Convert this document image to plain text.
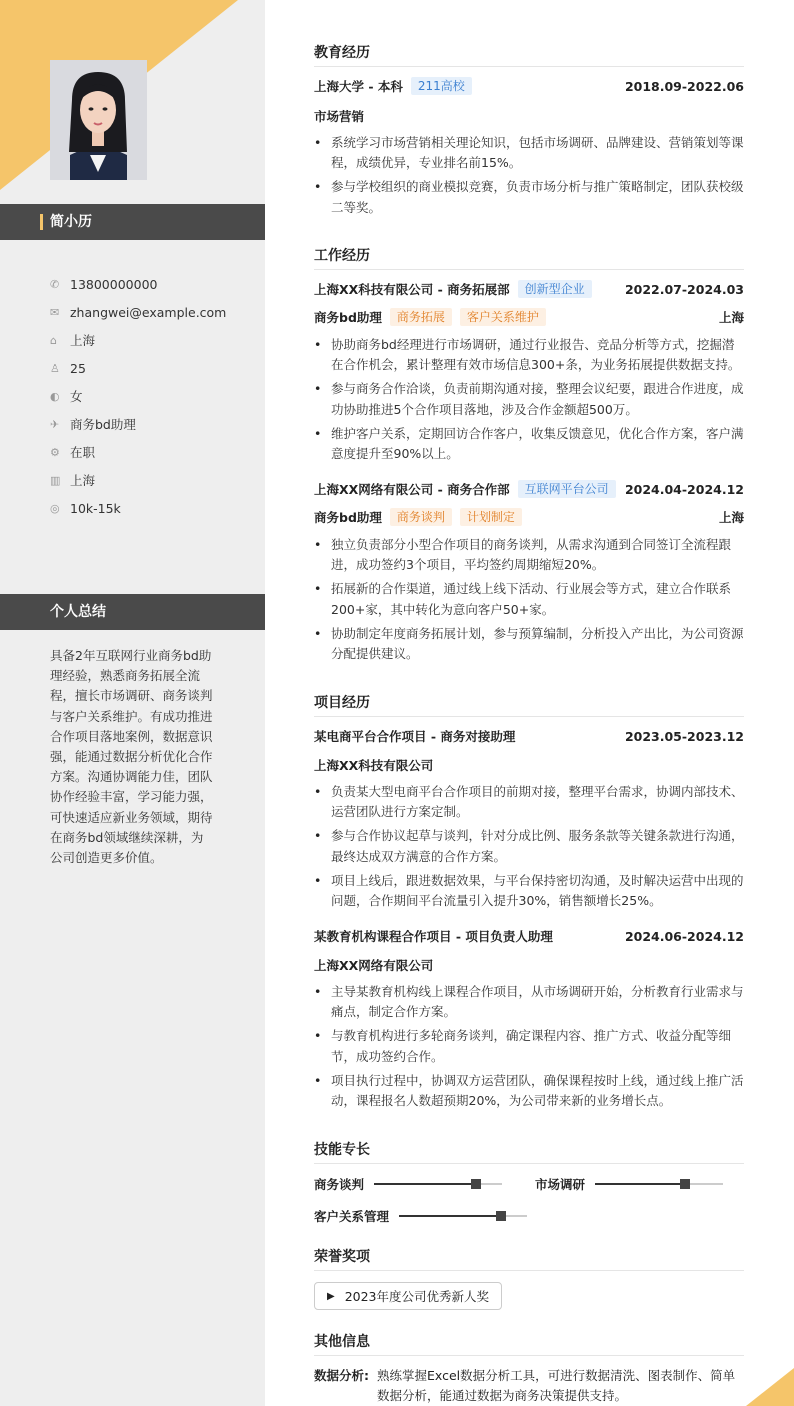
简小历
✆ 13800000000
✉ zhangwei@example.com
⌂	上海
♙ 25
◐ 女
✈ 商务bd助理
⚙ 在职
▥ 上海
◎ 10k-15k
个人总结
具备2年互联网行业商务bd助理经验，熟悉商务拓展全流程，擅长市场调研、商务谈判与客户关系维护。有成功推进合作项目落地案例，数据意识强，能通过数据分析优化合作方案。沟通协调能力佳，团队协作经验丰富，学习能力强，可快速适应新业务领域，期待在商务bd领域继续深耕，为公司创造更多价值。
教育经历
上海大学 - 本科	211高校	2018.09-2022.06
市场营销
• 系统学习市场营销相关理论知识，包括市场调研、品牌建设、营销策划等课程，成绩优异，专业排名前15%。
• 参与学校组织的商业模拟竞赛，负责市场分析与推广策略制定，团队获校级二等奖。
工作经历
上海XX科技有限公司 - 商务拓展部	创新型企业	2022.07-2024.03
商务bd助理	商务拓展	客户关系维护	上海
• 协助商务bd经理进行市场调研，通过行业报告、竞品分析等方式，挖掘潜在合作机会，累计整理有效市场信息300+条，为业务拓展提供数据支持。
• 参与商务合作洽谈，负责前期沟通对接，整理会议纪要，跟进合作进度，成功协助推进5个合作项目落地，涉及合作金额超500万。
• 维护客户关系，定期回访合作客户，收集反馈意见，优化合作方案，客户满意度提升至90%以上。
上海XX网络有限公司 - 商务合作部	互联网平台公司	2024.04-2024.12
商务bd助理	商务谈判	计划制定	上海
• 独立负责部分小型合作项目的商务谈判，从需求沟通到合同签订全流程跟进，成功签约3个项目，平均签约周期缩短20%。
• 拓展新的合作渠道，通过线上线下活动、行业展会等方式，建立合作联系200+家，其中转化为意向客户50+家。
• 协助制定年度商务拓展计划，参与预算编制，分析投入产出比，为公司资源分配提供建议。
项目经历
某电商平台合作项目 - 商务对接助理	2023.05-2023.12
上海XX科技有限公司
• 负责某大型电商平台合作项目的前期对接，整理平台需求，协调内部技术、运营团队进行方案定制。
• 参与合作协议起草与谈判，针对分成比例、服务条款等关键条款进行沟通，最终达成双方满意的合作方案。
• 项目上线后，跟进数据效果，与平台保持密切沟通，及时解决运营中出现的问题，合作期间平台流量引入提升30%，销售额增长25%。
某教育机构课程合作项目 - 项目负责人助理	2024.06-2024.12
上海XX网络有限公司
• 主导某教育机构线上课程合作项目，从市场调研开始，分析教育行业需求与痛点，制定合作方案。
• 与教育机构进行多轮商务谈判，确定课程内容、推广方式、收益分配等细节，成功签约合作。
• 项目执行过程中，协调双方运营团队，确保课程按时上线，通过线上推广活动，课程报名人数超预期20%，为公司带来新的业务增长点。
技能专长
商务谈判	市场调研
客户关系管理
荣誉奖项
▶ 2023年度公司优秀新人奖
其他信息
数据分析: 熟练掌握Excel数据分析工具，可进行数据清洗、图表制作、简单数据分析，能通过数据为商务决策提供支持。
